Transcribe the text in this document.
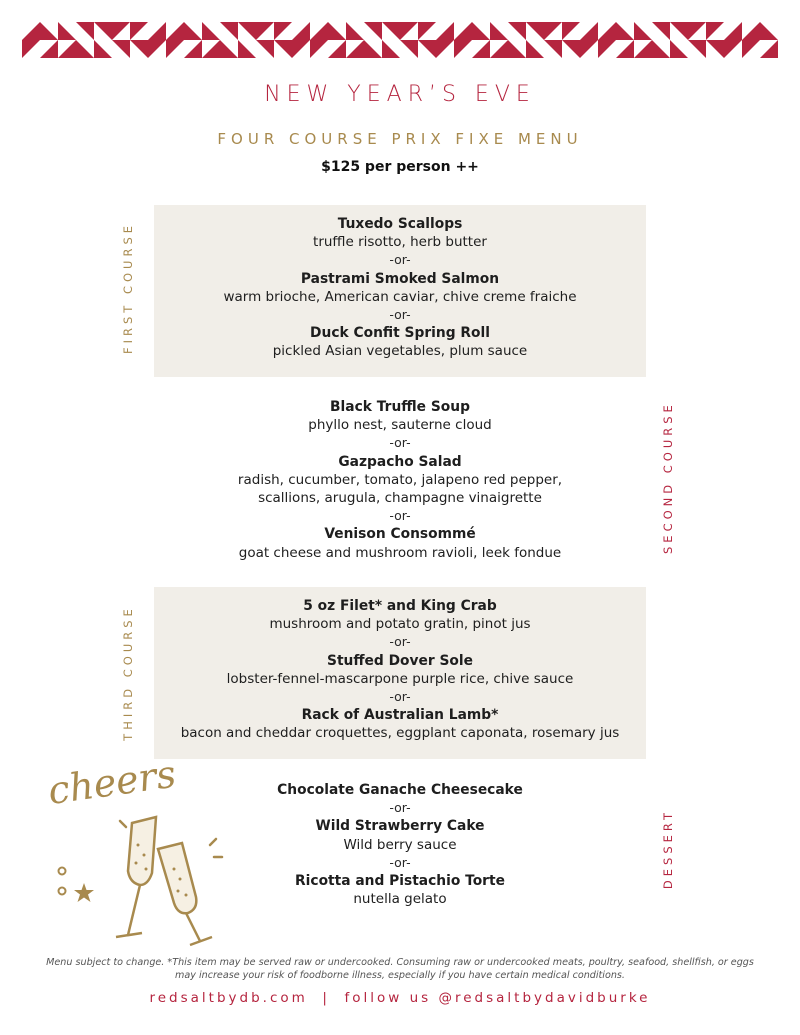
NEW YEAR’S EVE
FOUR COURSE PRIX FIXE MENU
$125 per person ++
Tuxedo Scallops
truffle risotto, herb butter
-or-
Pastrami Smoked Salmon
warm brioche, American caviar, chive creme fraiche
-or-
Duck Confit Spring Roll
pickled Asian vegetables, plum sauce
FIRST COURSE
Black Truffle Soup
phyllo nest, sauterne cloud
-or-
Gazpacho Salad
radish, cucumber, tomato, jalapeno red pepper,
scallions, arugula, champagne vinaigrette
-or-
Venison Consommé
goat cheese and mushroom ravioli, leek fondue	SECOND COURSE
5 oz Filet* and King Crab
mushroom and potato gratin, pinot jus
-or-
Stuffed Dover Sole
lobster-fennel-mascarpone purple rice, chive sauce
-or-
Rack of Australian Lamb*
bacon and cheddar croquettes, eggplant caponata, rosemary jus
THIRD COURSE
Chocolate Ganache Cheesecake
-or-
Wild Strawberry Cake
Wild berry sauce
-or-
Ricotta and Pistachio Torte
nutella gelato
DESSERT
cheers
Menu subject to change. *This item may be served raw or undercooked. Consuming raw or undercooked meats, poultry, seafood, shellfish, or eggs
may increase your risk of foodborne illness, especially if you have certain medical conditions.
redsaltbydb.com  |  follow us @redsaltbydavidburke
